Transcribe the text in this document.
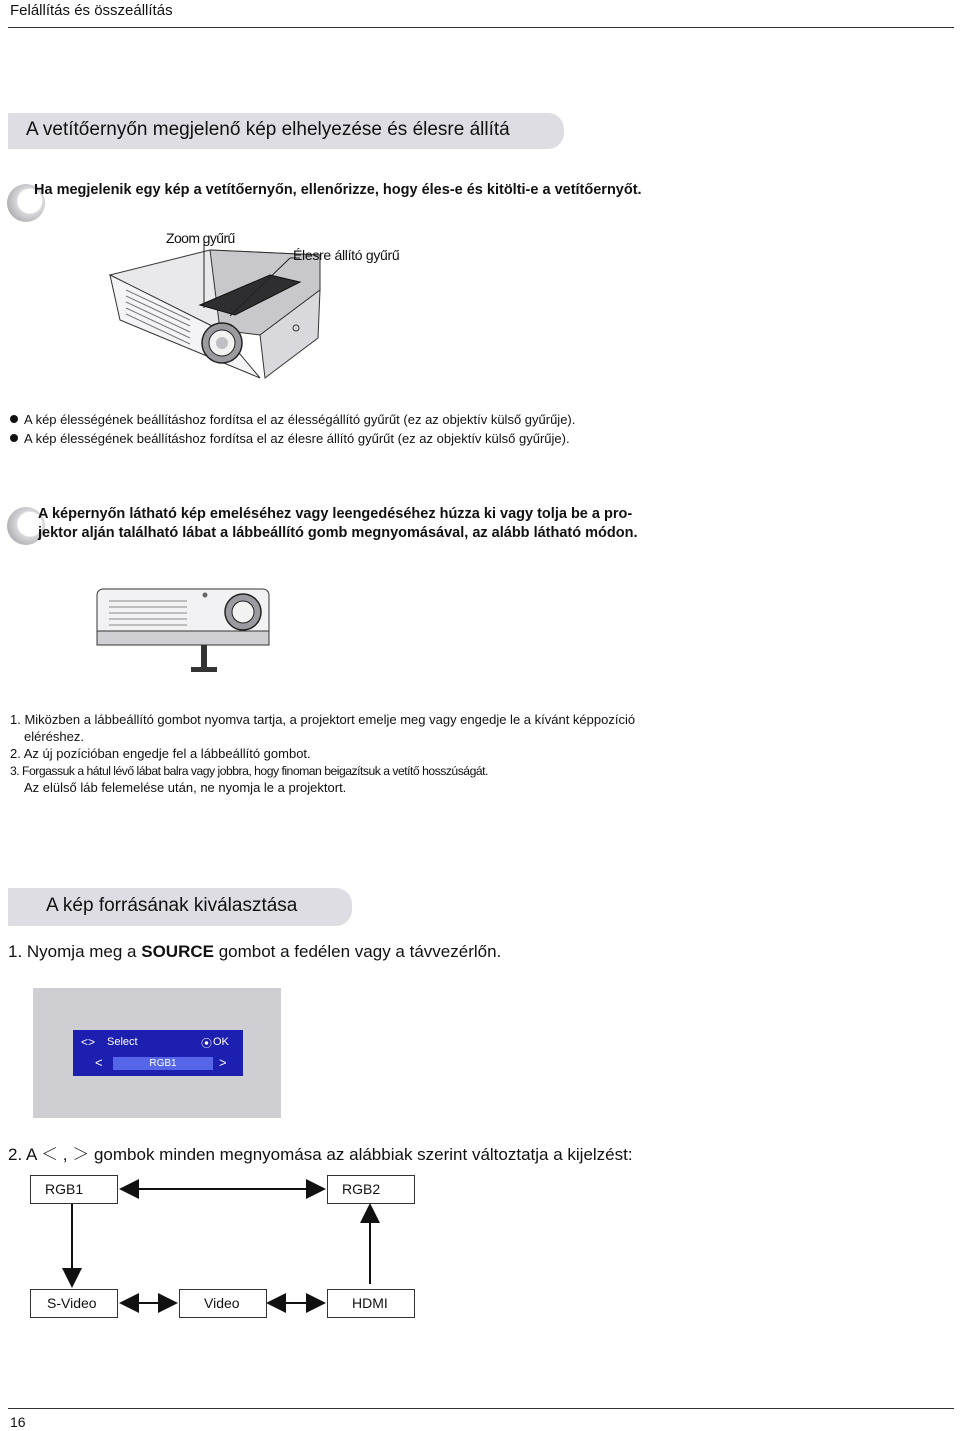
Felállítás és összeállítás
A vetítőernyőn megjelenő kép elhelyezése és élesre állítá
Ha megjelenik egy kép a vetítőernyőn, ellenőrizze, hogy éles-e és kitölti-e a vetítőernyőt.
Zoom gyűrű
Élesre állító gyűrű
A kép élességének beállításhoz fordítsa el az élességállító gyűrűt (ez az objektív külső gyűrűje).
A kép élességének beállításhoz fordítsa el az élesre állító gyűrűt (ez az objektív külső gyűrűje).
A képernyőn látható kép emeléséhez vagy leengedéséhez húzza ki vagy tolja be a pro-
jektor alján található lábat a lábbeállító gomb megnyomásával, az alább látható módon.
1. Miközben a lábbeállító gombot nyomva tartja, a projektort emelje meg vagy engedje le a kívánt képpozíció
eléréshez.
2. Az új pozícióban engedje fel a lábbeállító gombot.
3. Forgassuk a hátul lévő lábat balra vagy jobbra, hogy finoman beigazítsuk a vetítő hosszúságát.
Az elülső láb felemelése után, ne nyomja le a projektort.
A kép forrásának kiválasztása
1. Nyomja meg a SOURCE gombot a fedélen vagy a távvezérlőn.
<> Select	⦿ OK
<	RGB1	>
2. A ＜ , ＞ gombok minden megnyomása az alábbiak szerint változtatja a kijelzést:
RGB1	RGB2
S-Video	Video	HDMI
16
